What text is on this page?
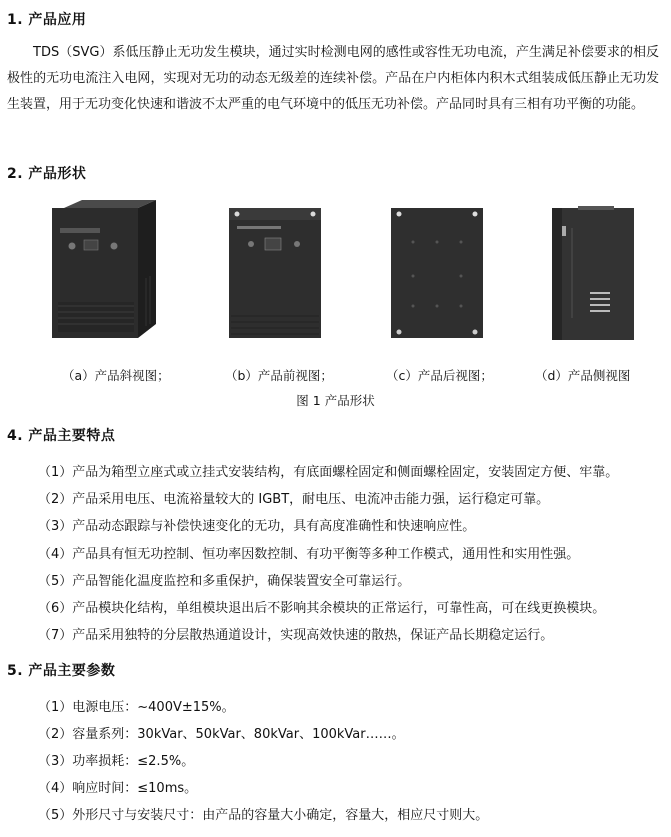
1. 产品应用
TDS（SVG）系低压静止无功发生模块，通过实时检测电网的感性或容性无功电流，产生满足补偿要求的相反极性的无功电流注入电网，实现对无功的动态无级差的连续补偿。产品在户内柜体内积木式组装成低压静止无功发生装置，用于无功变化快速和谐波不太严重的电气环境中的低压无功补偿。产品同时具有三相有功平衡的功能。
2. 产品形状
（a）产品斜视图；	（b）产品前视图；	（c）产品后视图；	（d）产品侧视图
图 1 产品形状
4. 产品主要特点
（1）产品为箱型立座式或立挂式安装结构，有底面螺栓固定和侧面螺栓固定，安装固定方便、牢靠。
（2）产品采用电压、电流裕量较大的 IGBT，耐电压、电流冲击能力强，运行稳定可靠。
（3）产品动态跟踪与补偿快速变化的无功，具有高度准确性和快速响应性。
（4）产品具有恒无功控制、恒功率因数控制、有功平衡等多种工作模式，通用性和实用性强。
（5）产品智能化温度监控和多重保护，确保装置安全可靠运行。
（6）产品模块化结构，单组模块退出后不影响其余模块的正常运行，可靠性高，可在线更换模块。
（7）产品采用独特的分层散热通道设计，实现高效快速的散热，保证产品长期稳定运行。
5. 产品主要参数
（1）电源电压：~400V±15%。
（2）容量系列：30kVar、50kVar、80kVar、100kVar……。
（3）功率损耗：≤2.5%。
（4）响应时间：≤10ms。
（5）外形尺寸与安装尺寸：由产品的容量大小确定，容量大，相应尺寸则大。
